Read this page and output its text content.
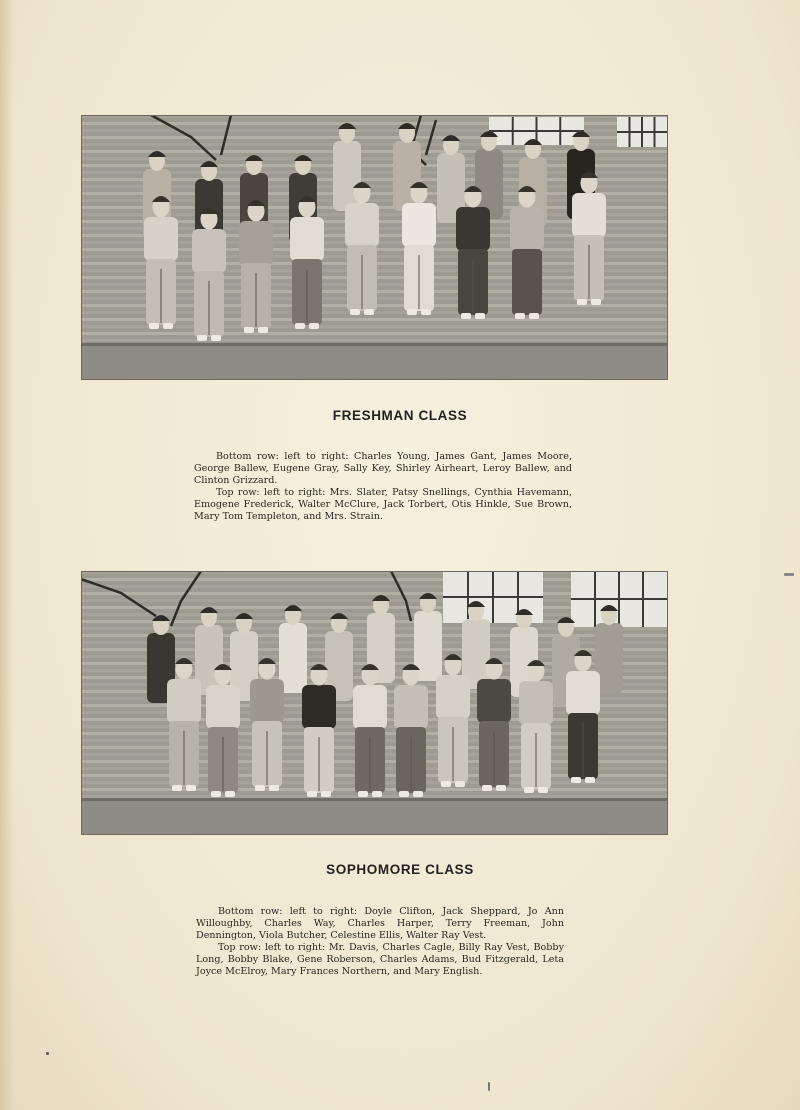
FRESHMAN CLASS

Bottom row: left to right: Charles Young, James Gant, James Moore, George Ballew, Eugene Gray, Sally Key, Shirley Airheart, Leroy Ballew, and Clinton Grizzard.

Top row: left to right: Mrs. Slater, Patsy Snellings, Cynthia Havemann, Emogene Frederick, Walter McClure, Jack Torbert, Otis Hinkle, Sue Brown, Mary Tom Templeton, and Mrs. Strain.

SOPHOMORE CLASS

Bottom row: left to right: Doyle Clifton, Jack Sheppard, Jo Ann Willoughby, Charles Way, Charles Harper, Terry Freeman, John Dennington, Viola Butcher, Celestine Ellis, Walter Ray Vest.

Top row: left to right: Mr. Davis, Charles Cagle, Billy Ray Vest, Bobby Long, Bobby Blake, Gene Roberson, Charles Adams, Bud Fitzgerald, Leta Joyce McElroy, Mary Frances Northern, and Mary English.
